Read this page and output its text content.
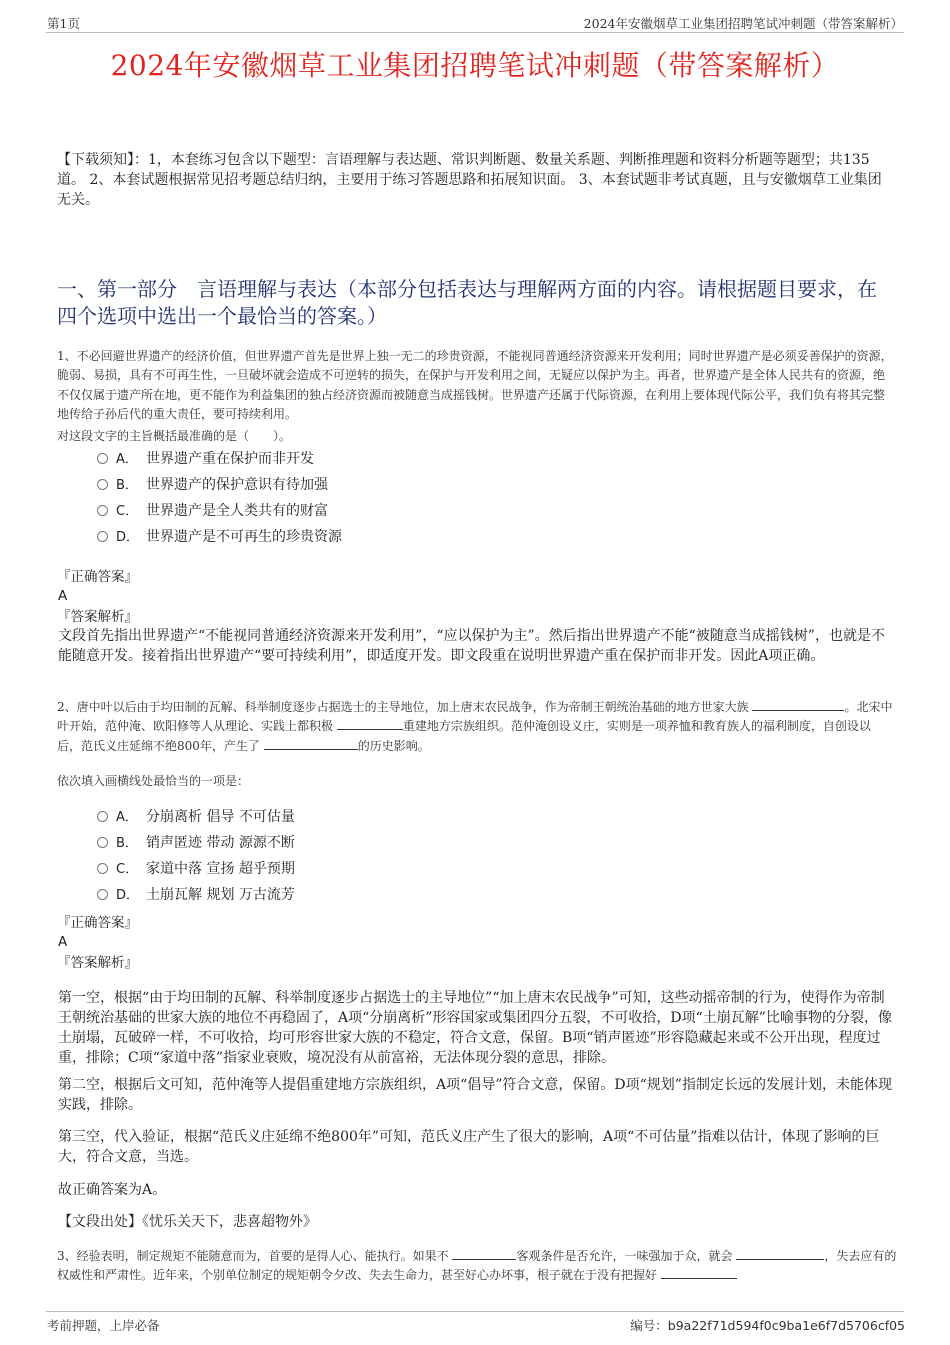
第1页	2024年安徽烟草工业集团招聘笔试冲刺题（带答案解析）
2024年安徽烟草工业集团招聘笔试冲刺题（带答案解析）
【下载须知】：1，本套练习包含以下题型：言语理解与表达题、常识判断题、数量关系题、判断推理题和资料分析题等题型；共135道。 2、本套试题根据常见招考题总结归纳，主要用于练习答题思路和拓展知识面。 3、本套试题非考试真题，且与安徽烟草工业集团无关。
一、第一部分　言语理解与表达（本部分包括表达与理解两方面的内容。请根据题目要求，在四个选项中选出一个最恰当的答案。）
1、不必回避世界遗产的经济价值，但世界遗产首先是世界上独一无二的珍贵资源，不能视同普通经济资源来开发利用；同时世界遗产是必须妥善保护的资源，脆弱、易损，具有不可再生性，一旦破坏就会造成不可逆转的损失，在保护与开发利用之间，无疑应以保护为主。再者，世界遗产是全体人民共有的资源，绝不仅仅属于遗产所在地，更不能作为利益集团的独占经济资源而被随意当成摇钱树。世界遗产还属于代际资源，在利用上要体现代际公平，我们负有将其完整地传给子孙后代的重大责任，要可持续利用。
对这段文字的主旨概括最准确的是（　　）。
A． 世界遗产重在保护而非开发
B． 世界遗产的保护意识有待加强
C． 世界遗产是全人类共有的财富
D． 世界遗产是不可再生的珍贵资源
『正确答案』
A
『答案解析』
文段首先指出世界遗产“不能视同普通经济资源来开发利用”，“应以保护为主”。然后指出世界遗产不能“被随意当成摇钱树”，也就是不能随意开发。接着指出世界遗产“要可持续利用”，即适度开发。即文段重在说明世界遗产重在保护而非开发。因此A项正确。
2、唐中叶以后由于均田制的瓦解、科举制度逐步占据选士的主导地位，加上唐末农民战争，作为帝制王朝统治基础的地方世家大族	。北宋中叶开始，范仲淹、欧阳修等人从理论、实践上都积极	重建地方宗族组织。范仲淹创设义庄，实则是一项养恤和教育族人的福利制度，自创设以后，范氏义庄延绵不绝800年，产生了	的历史影响。
依次填入画横线处最恰当的一项是：
A． 分崩离析 倡导 不可估量
B． 销声匿迹 带动 源源不断
C． 家道中落 宣扬 超乎预期
D． 土崩瓦解 规划 万古流芳
『正确答案』
A
『答案解析』
第一空，根据“由于均田制的瓦解、科举制度逐步占据选士的主导地位”“加上唐末农民战争”可知，这些动摇帝制的行为，使得作为帝制王朝统治基础的世家大族的地位不再稳固了，A项“分崩离析”形容国家或集团四分五裂，不可收拾，D项“土崩瓦解”比喻事物的分裂，像土崩塌，瓦破碎一样，不可收拾，均可形容世家大族的不稳定，符合文意，保留。B项“销声匿迹”形容隐藏起来或不公开出现，程度过重，排除；C项“家道中落”指家业衰败，境况没有从前富裕，无法体现分裂的意思，排除。
第二空，根据后文可知，范仲淹等人提倡重建地方宗族组织，A项“倡导”符合文意，保留。D项“规划”指制定长远的发展计划，未能体现实践，排除。
第三空，代入验证，根据“范氏义庄延绵不绝800年”可知，范氏义庄产生了很大的影响，A项“不可估量”指难以估计，体现了影响的巨大，符合文意，当选。
故正确答案为A。
【文段出处】《忧乐关天下，悲喜超物外》
3、经验表明，制定规矩不能随意而为，首要的是得人心、能执行。如果不	客观条件是否允许，一味强加于众，就会	，失去应有的权威性和严肃性。近年来，个别单位制定的规矩朝令夕改、失去生命力，甚至好心办坏事，根子就在于没有把握好
考前押题，上岸必备	编号：b9a22f71d594f0c9ba1e6f7d5706cf05
